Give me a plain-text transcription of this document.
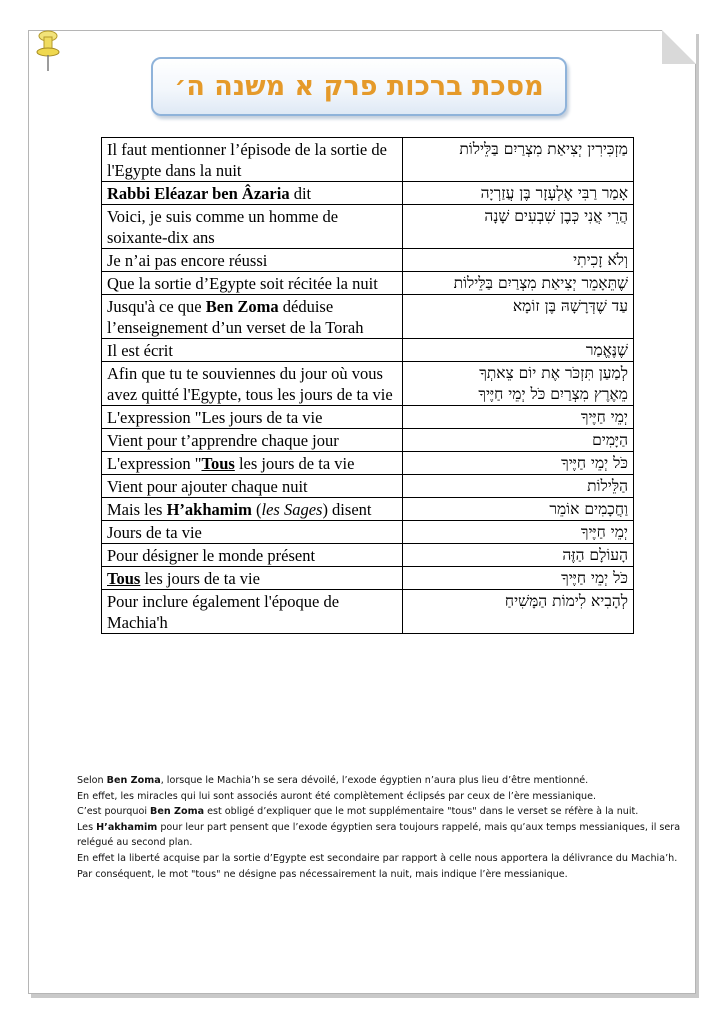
מסכת ברכות פרק א משנה ה׳
Il faut mentionner l’épisode de la sortie de l'Egypte dans la nuit	מַזְכִּירִין יְצִיאַת מִצְרַיִם בַּלֵּילוֹת
Rabbi Eléazar ben Âzaria dit	אָמַר רַבִּי אֶלְעָזָר בֶּן עֲזַרְיָה
Voici, je suis comme un homme de soixante-dix ans	הֲרֵי אֲנִי כְּבֶן שִׁבְעִים שָׁנָה
Je n’ai pas encore réussi	וְלֹא זָכִיתִי
Que la sortie d’Egypte soit récitée la nuit	שֶׁתֵּאָמֵר יְצִיאַת מִצְרַיִם בַּלֵּילוֹת
Jusqu'à ce que Ben Zoma déduise l’enseignement d’un verset de la Torah	עַד שֶׁדְּרָשָׁהּ בֶּן זוֹמָא
Il est écrit	שֶׁנֶּאֱמַר
Afin que tu te souviennes du jour où vous avez quitté l'Egypte, tous les jours de ta vie	לְמַעַן תִּזְכֹּר אֶת יוֹם צֵאתְךָ
מֵאֶרֶץ מִצְרַיִם כֹּל יְמֵי חַיֶּיךָ

L'expression "Les jours de ta vie	יְמֵי חַיֶּיךָ
Vient pour t’apprendre chaque jour	הַיָּמִים
L'expression "Tous les jours de ta vie	כֹּל יְמֵי חַיֶּיךָ
Vient pour ajouter chaque nuit	הַלֵּילוֹת
Mais les H’akhamim (les Sages) disent	וַחֲכָמִים אוֹמֵר
Jours de ta vie	יְמֵי חַיֶּיךָ
Pour désigner le monde présent	הָעוֹלָם הַזֶּה
Tous les jours de ta vie	כֹּל יְמֵי חַיֶּיךָ
Pour inclure également l'époque de Machia'h	לְהָבִיא לִימוֹת הַמָּשִׁיחַ

Selon Ben Zoma, lorsque le Machia’h se sera dévoilé, l’exode égyptien n’aura plus lieu d’être mentionné.

En effet, les miracles qui lui sont associés auront été complètement éclipsés par ceux de l’ère messianique.

C’est pourquoi Ben Zoma est obligé d’expliquer que le mot supplémentaire "tous" dans le verset se réfère à la nuit.

Les H’akhamim pour leur part pensent que l’exode égyptien sera toujours rappelé, mais qu’aux temps messianiques, il sera relégué au second plan.

En effet la liberté acquise par la sortie d’Egypte est secondaire par rapport à celle nous apportera la délivrance du Machia’h.

Par conséquent, le mot "tous" ne désigne pas nécessairement la nuit, mais indique l’ère messianique.
